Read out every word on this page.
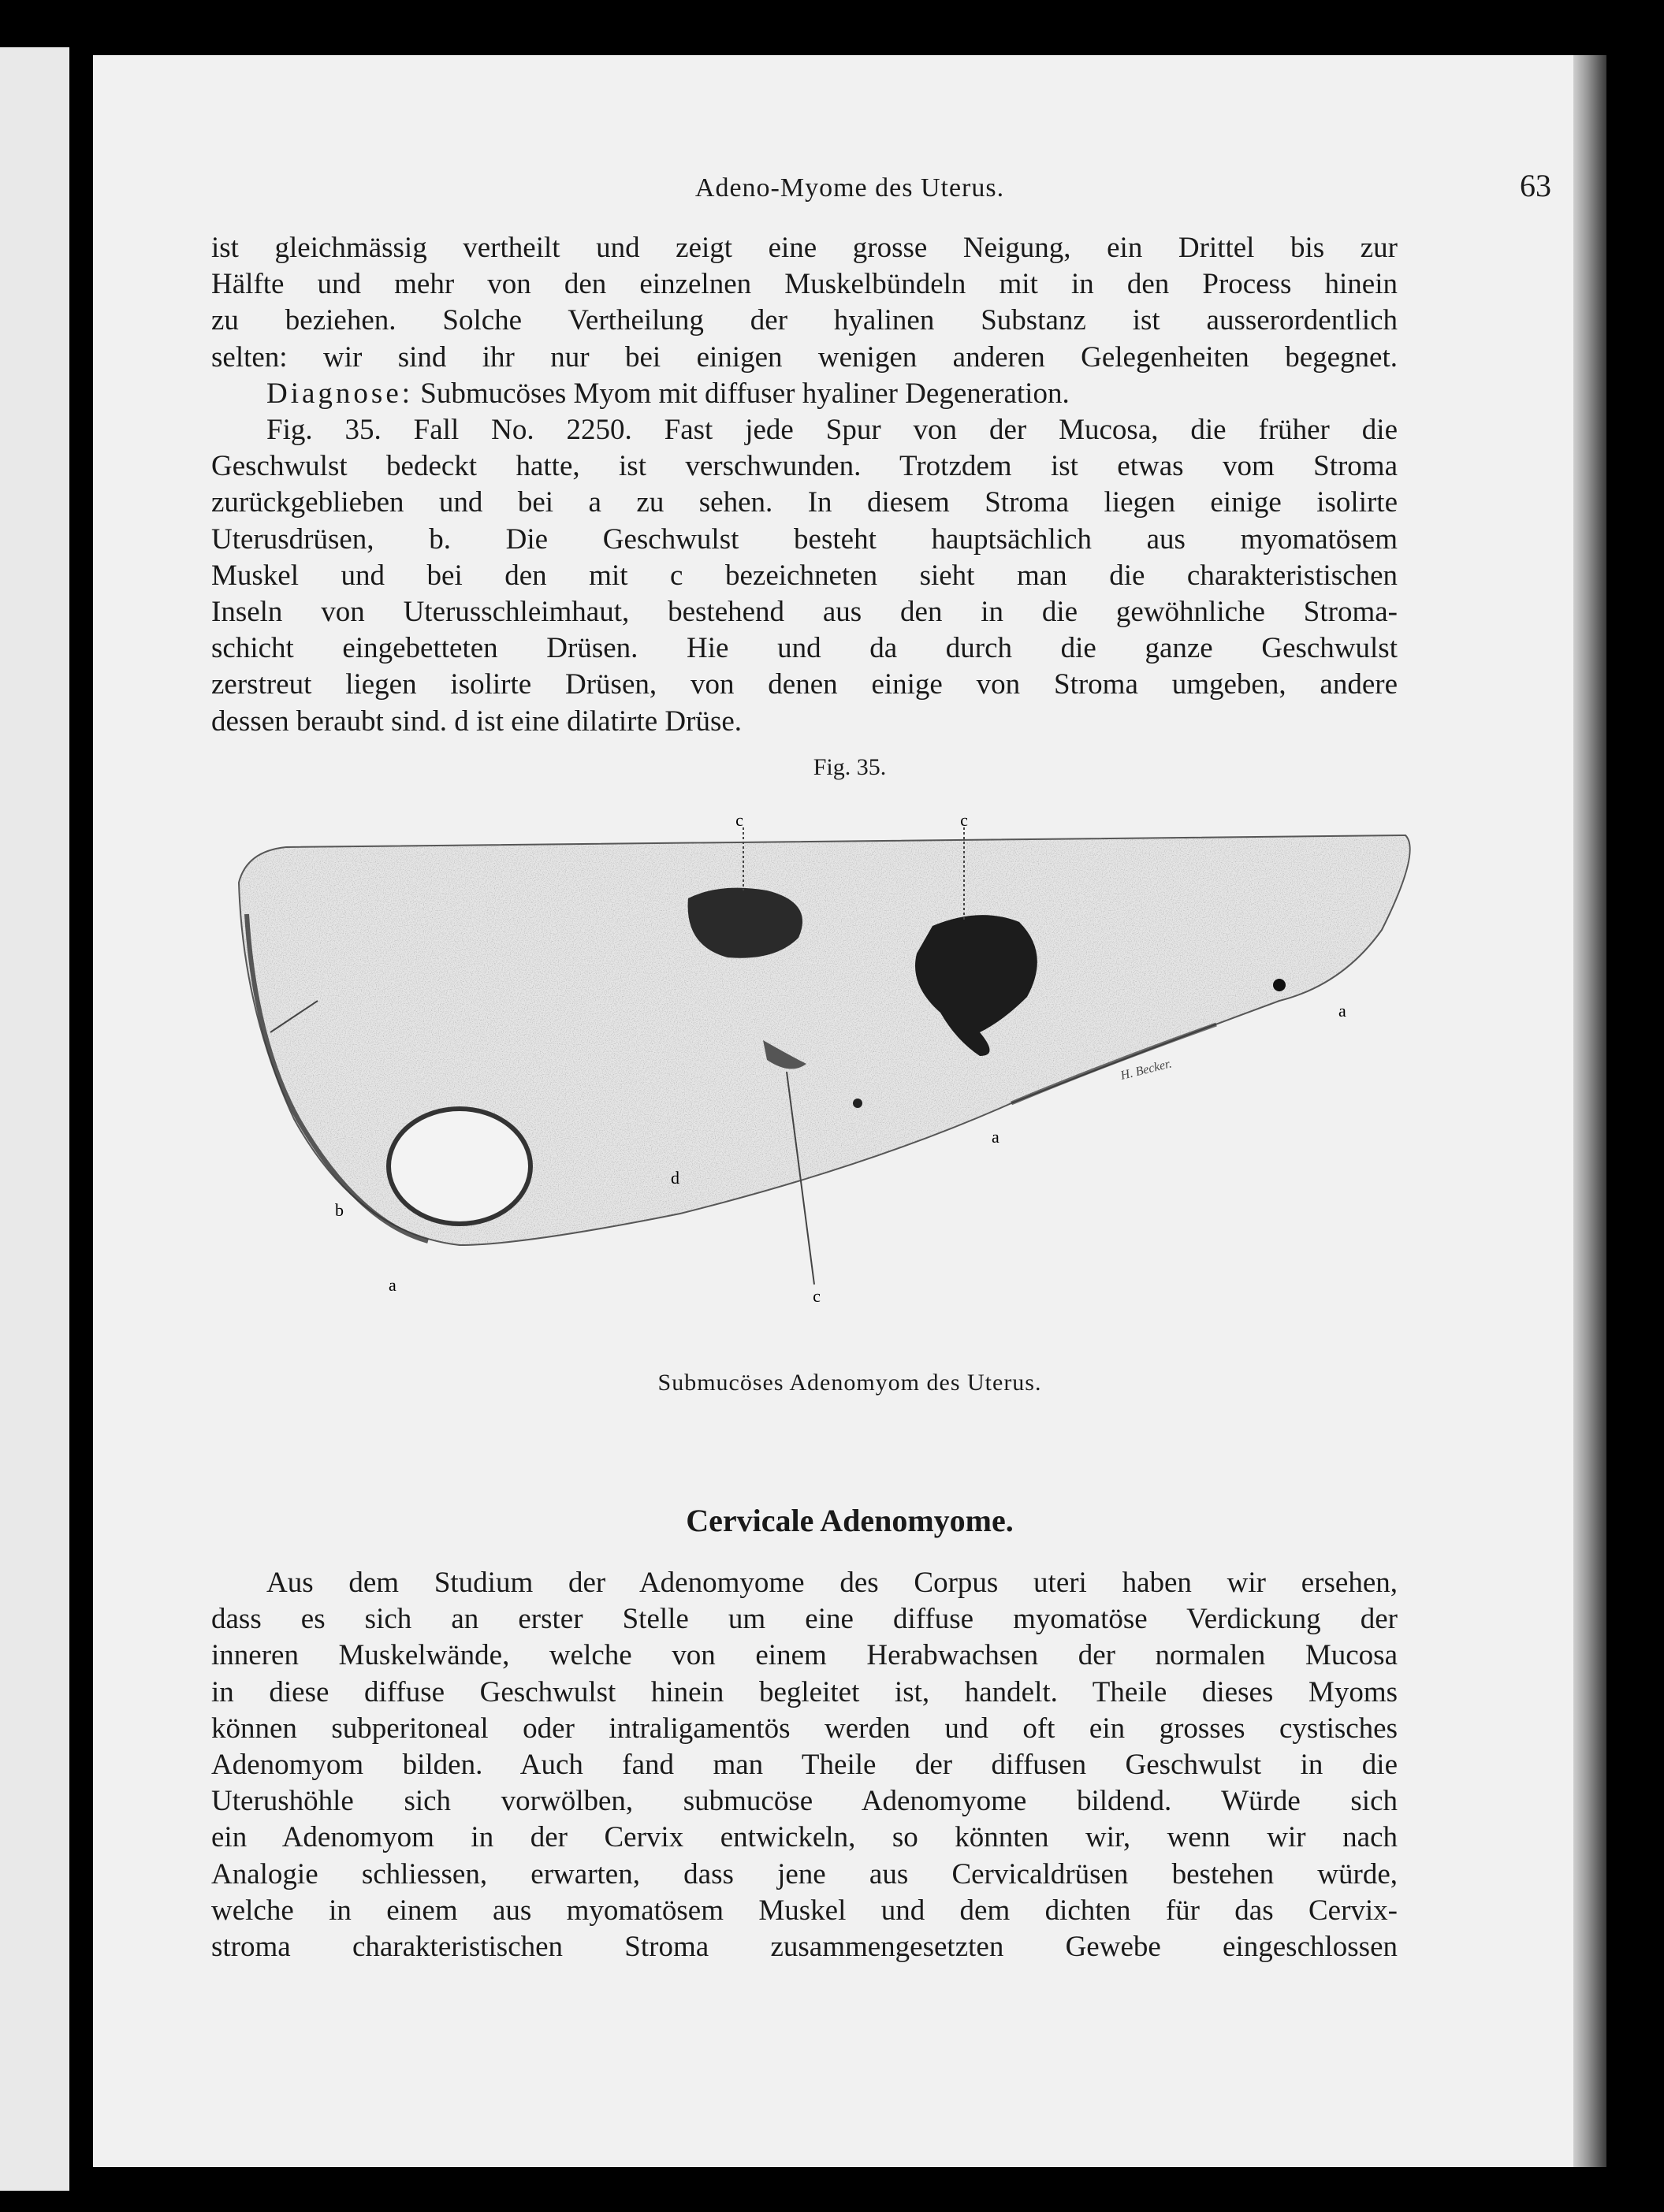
Adeno-Myome des Uterus.	63
ist gleichmässig vertheilt und zeigt eine grosse Neigung, ein Drittel bis zur
Hälfte und mehr von den einzelnen Muskelbündeln mit in den Process hinein
zu beziehen. Solche Vertheilung der hyalinen Substanz ist ausserordentlich
selten: wir sind ihr nur bei einigen wenigen anderen Gelegenheiten begegnet.
Diagnose: Submucöses Myom mit diffuser hyaliner Degeneration.
Fig. 35. Fall No. 2250. Fast jede Spur von der Mucosa, die früher die
Geschwulst bedeckt hatte, ist verschwunden. Trotzdem ist etwas vom Stroma
zurückgeblieben und bei a zu sehen. In diesem Stroma liegen einige isolirte
Uterusdrüsen, b. Die Geschwulst besteht hauptsächlich aus myomatösem
Muskel und bei den mit c bezeichneten sieht man die charakteristischen
Inseln von Uterusschleimhaut, bestehend aus den in die gewöhnliche Stroma-
schicht eingebetteten Drüsen. Hie und da durch die ganze Geschwulst
zerstreut liegen isolirte Drüsen, von denen einige von Stroma umgeben, andere
dessen beraubt sind. d ist eine dilatirte Drüse.
Fig. 35.
c	c
c
a
a
a
b
d
H. Becker.
Submucöses Adenomyom des Uterus.
Cervicale Adenomyome.
Aus dem Studium der Adenomyome des Corpus uteri haben wir ersehen,
dass es sich an erster Stelle um eine diffuse myomatöse Verdickung der
inneren Muskelwände, welche von einem Herabwachsen der normalen Mucosa
in diese diffuse Geschwulst hinein begleitet ist, handelt. Theile dieses Myoms
können subperitoneal oder intraligamentös werden und oft ein grosses cystisches
Adenomyom bilden. Auch fand man Theile der diffusen Geschwulst in die
Uterushöhle sich vorwölben, submucöse Adenomyome bildend. Würde sich
ein Adenomyom in der Cervix entwickeln, so könnten wir, wenn wir nach
Analogie schliessen, erwarten, dass jene aus Cervicaldrüsen bestehen würde,
welche in einem aus myomatösem Muskel und dem dichten für das Cervix-
stroma charakteristischen Stroma zusammengesetzten Gewebe eingeschlossen
